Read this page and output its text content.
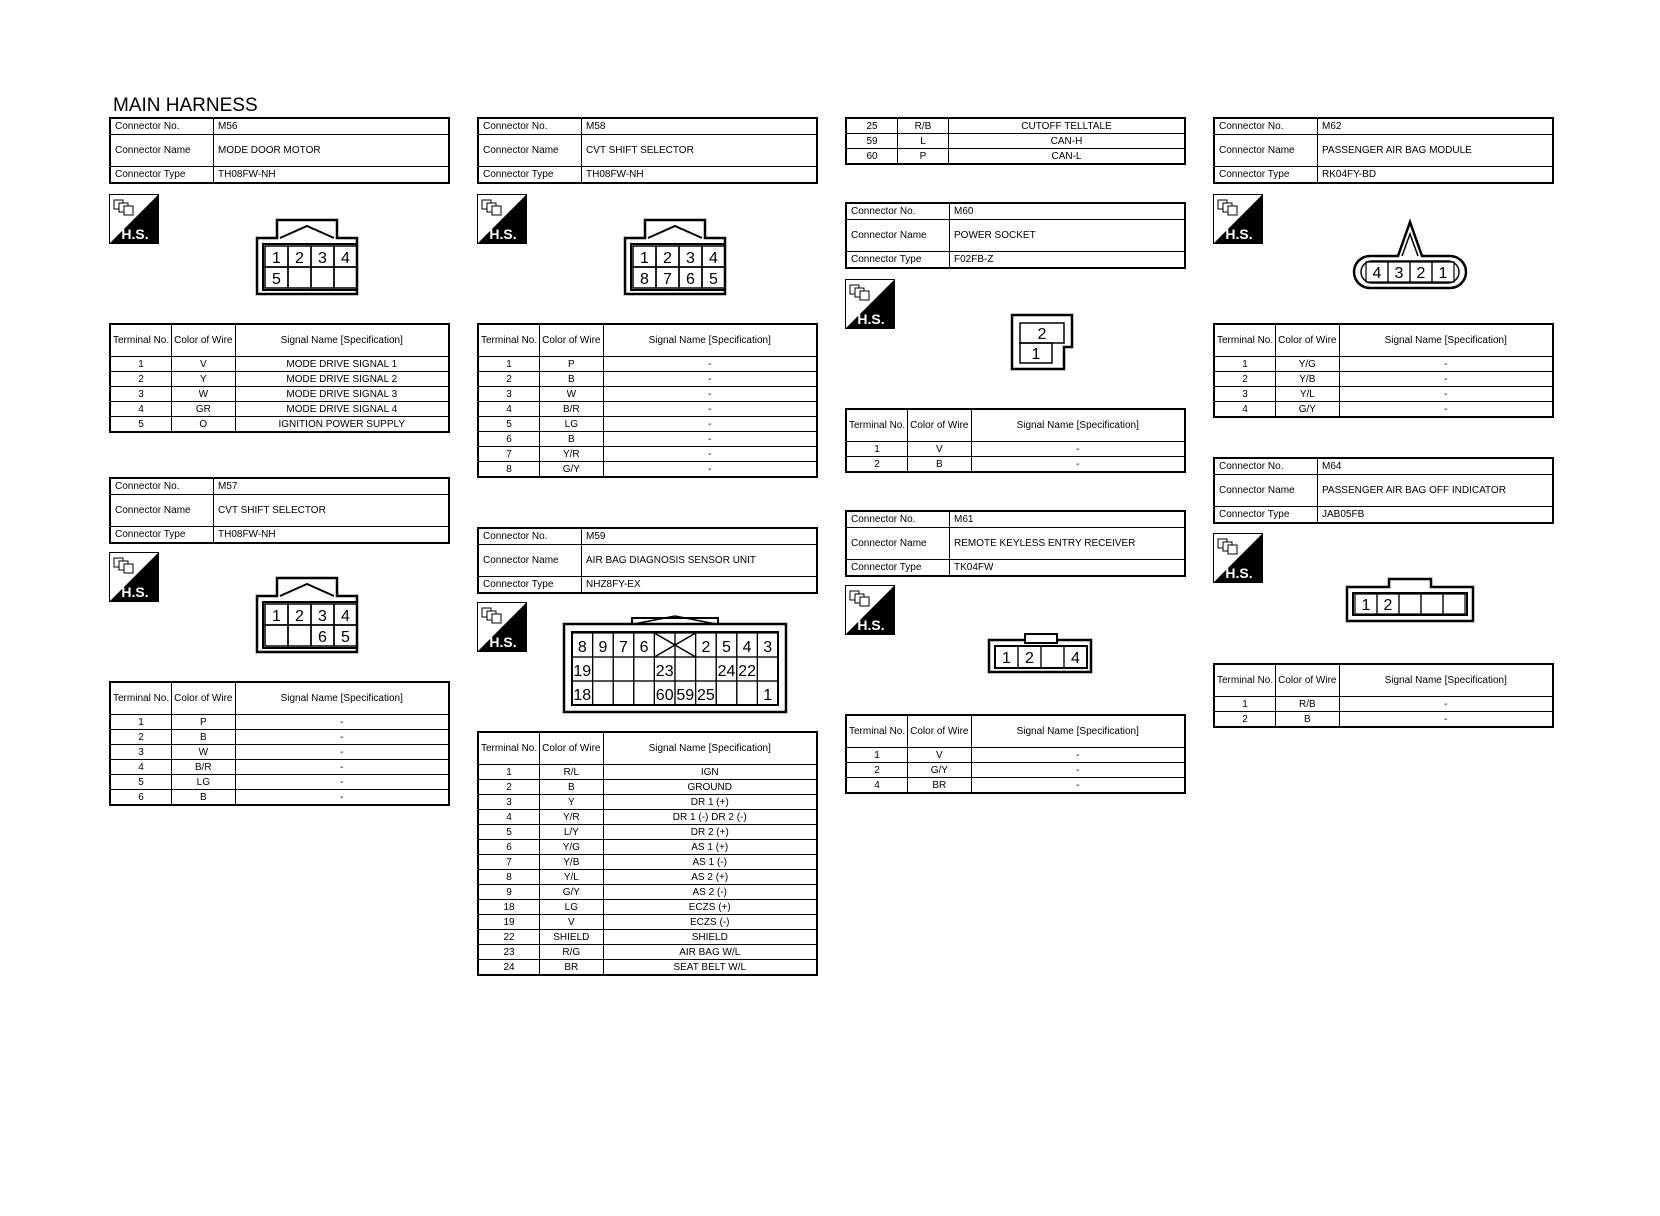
MAIN HARNESS
Connector No.	M56
Connector Name	MODE DOOR MOTOR
Connector Type	TH08FW-NH
H.S.
1
5
2 3 4
Terminal No.	Color of Wire	Signal Name [Specification]
1	V	MODE DRIVE SIGNAL 1
2	Y	MODE DRIVE SIGNAL 2
3	W	MODE DRIVE SIGNAL 3
4	GR	MODE DRIVE SIGNAL 4
5	O	IGNITION POWER SUPPLY
Connector No.	M57
Connector Name	CVT SHIFT SELECTOR
Connector Type	TH08FW-NH
H.S.
1 2 3
6
4
5
Terminal No.	Color of Wire	Signal Name [Specification]
1	P	-
2	B	-
3	W	-
4	B/R	-
5	LG	-
6	B	-
Connector No.	M58
Connector Name	CVT SHIFT SELECTOR
Connector Type	TH08FW-NH
H.S.
1
8
2
7
3
6
4
5
Terminal No.	Color of Wire	Signal Name [Specification]
1	P	-
2	B	-
3	W	-
4	B/R	-
5	LG	-
6	B	-
7	Y/R	-
8	G/Y	-
Connector No.	M59
Connector Name	AIR BAG DIAGNOSIS SENSOR UNIT
Connector Type	NHZ8FY-EX
H.S.	8 9 7 6	2 5 4 3
19	23	24 22
18	60 59 25	1
Terminal No.	Color of Wire	Signal Name [Specification]
1	R/L	IGN
2	B	GROUND
3	Y	DR 1 (+)
4	Y/R	DR 1 (-) DR 2 (-)
5	L/Y	DR 2 (+)
6	Y/G	AS 1 (+)
7	Y/B	AS 1 (-)
8	Y/L	AS 2 (+)
9	G/Y	AS 2 (-)
18	LG	ECZS (+)
19	V	ECZS (-)
22	SHIELD	SHIELD
23	R/G	AIR BAG W/L
24	BR	SEAT BELT W/L
25	R/B	CUTOFF TELLTALE
59	L	CAN-H
60	P	CAN-L
Connector No.	M60
Connector Name	POWER SOCKET
Connector Type	F02FB-Z
H.S.
2
1
Terminal No.	Color of Wire	Signal Name [Specification]
1	V	-
2	B	-
Connector No.	M61
Connector Name	REMOTE KEYLESS ENTRY RECEIVER
Connector Type	TK04FW
H.S.
1 2 4
Terminal No.	Color of Wire	Signal Name [Specification]
1	V	-
2	G/Y	-
4	BR	-
Connector No.	M62
Connector Name	PASSENGER AIR BAG MODULE
Connector Type	RK04FY-BD
H.S.
4 3 2 1
Terminal No.	Color of Wire	Signal Name [Specification]
1	Y/G	-
2	Y/B	-
3	Y/L	-
4	G/Y	-
Connector No.	M64
Connector Name	PASSENGER AIR BAG OFF INDICATOR
Connector Type	JAB05FB
H.S.
1 2
Terminal No.	Color of Wire	Signal Name [Specification]
1	R/B	-
2	B	-
